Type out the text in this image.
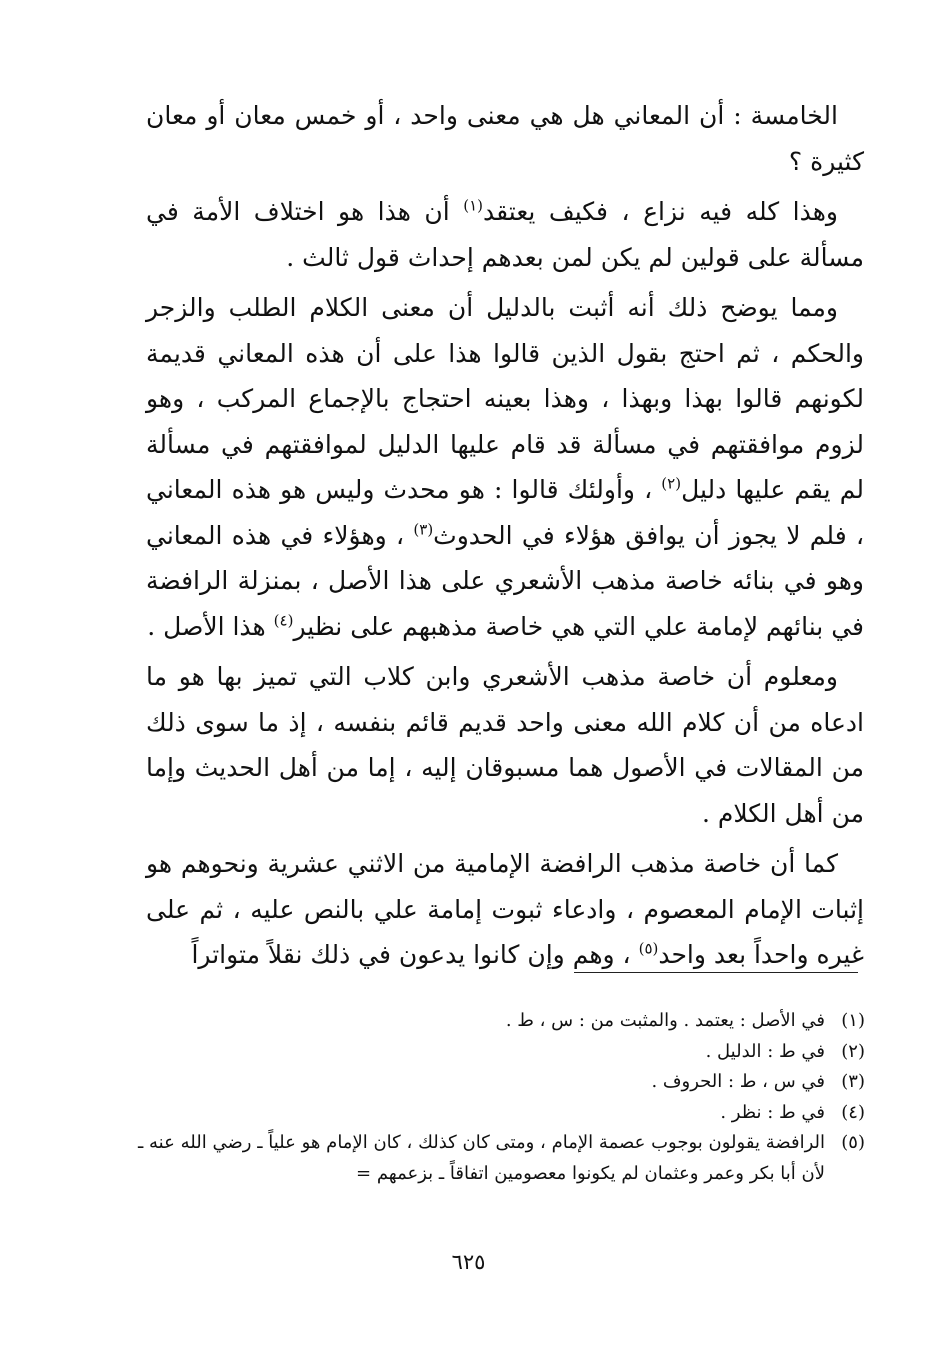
الخامسة : أن المعاني هل هي معنى واحد ، أو خمس معان أو معان كثيرة ؟

وهذا كله فيه نزاع ، فكيف يعتقد$^{(١)}$ أن هذا هو اختلاف الأمة في مسألة على قولين لم يكن لمن بعدهم إحداث قول ثالث .

ومما يوضح ذلك أنه أثبت بالدليل أن معنى الكلام الطلب والزجر والحكم ، ثم احتج بقول الذين قالوا هذا على أن هذه المعاني قديمة لكونهم قالوا بهذا وبهذا ، وهذا بعينه احتجاج بالإجماع المركب ، وهو لزوم موافقتهم في مسألة قد قام عليها الدليل لموافقتهم في مسألة لم يقم عليها دليل$^{(٢)}$ ، وأولئك قالوا : هو محدث وليس هو هذه المعاني ، فلم لا يجوز أن يوافق هؤلاء في الحدوث$^{(٣)}$ ، وهؤلاء في هذه المعاني وهو في بنائه خاصة مذهب الأشعري على هذا الأصل ، بمنزلة الرافضة في بنائهم لإمامة علي التي هي خاصة مذهبهم على نظير$^{(٤)}$ هذا الأصل .

ومعلوم أن خاصة مذهب الأشعري وابن كلاب التي تميز بها هو ما ادعاه من أن كلام الله معنى واحد قديم قائم بنفسه ، إذ ما سوى ذلك من المقالات في الأصول هما مسبوقان إليه ، إما من أهل الحديث وإما من أهل الكلام .

كما أن خاصة مذهب الرافضة الإمامية من الاثني عشرية ونحوهم هو إثبات الإمام المعصوم ، وادعاء ثبوت إمامة علي بالنص عليه ، ثم على غيره واحداً بعد واحد$^{(٥)}$ ، وهم وإن كانوا يدعون في ذلك نقلاً متواتراً

(١)
في الأصل : يعتمد . والمثبت من : س ، ط .
(٢)
في ط : الدليل .
(٣)
في س ، ط : الحروف .
(٤)
في ط : نظر .
(٥)
الرافضة يقولون بوجوب عصمة الإمام ، ومتى كان كذلك ، كان الإمام هو علياً ـ رضي الله عنه ـ لأن أبا بكر وعمر وعثمان لم يكونوا معصومين اتفاقاً ـ بزعمهم =
٦٢٥
